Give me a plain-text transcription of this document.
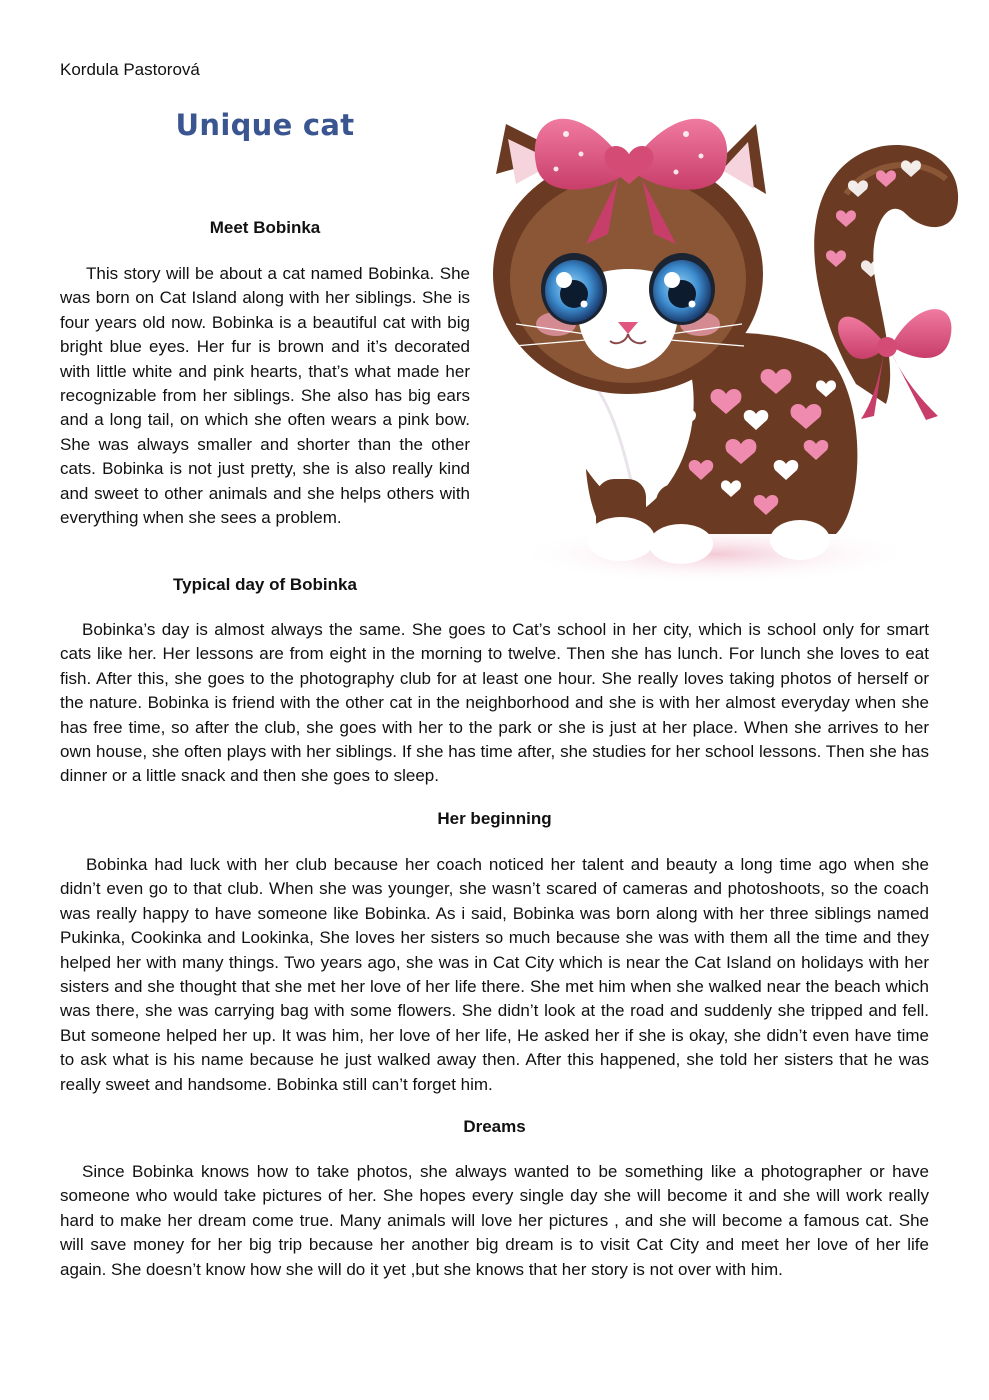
Kordula Pastorová
Unique cat
Meet Bobinka

This story will be about a cat named Bobinka. She was born on Cat Island along with her siblings. She is four years old now. Bobinka is a beautiful cat with big bright blue eyes. Her fur is brown and it’s decorated with little white and pink hearts, that’s what made her recognizable from her siblings. She also has big ears and a long tail, on which she often wears a pink bow. She was always smaller and shorter than the other cats. Bobinka is not just pretty, she is also really kind and sweet to other animals and she helps others with everything when she sees a problem.

Typical day of Bobinka

Bobinka’s day is almost always the same. She goes to Cat’s school in her city, which is school only for smart cats like her. Her lessons are from eight in the morning to twelve. Then she has lunch. For lunch she loves to eat fish. After this, she goes to the photography club for at least one hour. She really loves taking photos of herself or the nature. Bobinka is friend with the other cat in the neighborhood and she is with her almost everyday when she has free time, so after the club, she goes with her to the park or she is just at her place. When she arrives to her own house, she often plays with her siblings. If she has time after, she studies for her school lessons. Then she has dinner or a little snack and then she goes to sleep.

Her beginning

Bobinka had luck with her club because her coach noticed her talent and beauty a long time ago when she didn’t even go to that club. When she was younger, she wasn’t scared of cameras and photoshoots, so the coach was really happy to have someone like Bobinka. As i said, Bobinka was born along with her three siblings named Pukinka, Cookinka and Lookinka, She loves her sisters so much because she was with them all the time and they helped her with many things. Two years ago, she was in Cat City which is near the Cat Island on holidays with her sisters and she thought that she met her love of her life there. She met him when she walked near the beach which was there, she was carrying bag with some flowers. She didn’t look at the road and suddenly she tripped and fell. But someone helped her up. It was him, her love of her life, He asked her if she is okay, she didn’t even have time to ask what is his name because he just walked away then. After this happened, she told her sisters that he was really sweet and handsome. Bobinka still can’t forget him.

Dreams

Since Bobinka knows how to take photos, she always wanted to be something like a photographer or have someone who would take pictures of her. She hopes every single day she will become it and she will work really hard to make her dream come true. Many animals will love her pictures , and she will become a famous cat. She will save money for her big trip because her another big dream is to visit Cat City and meet her love of her life again. She doesn’t know how she will do it yet ,but she knows that her story is not over with him.
